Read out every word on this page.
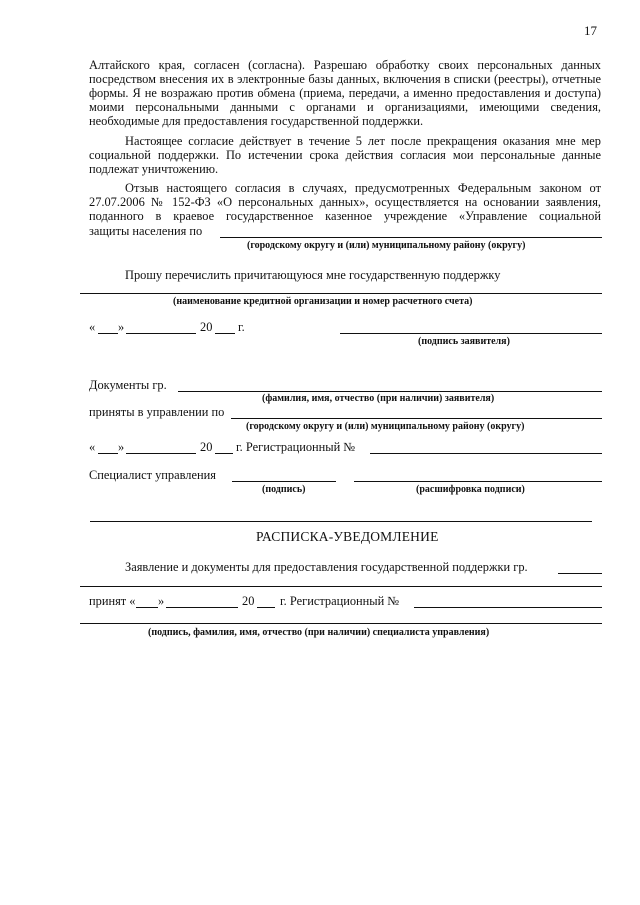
17
Алтайского края, согласен (согласна). Разрешаю обработку своих персональных данных посредством внесения их в электронные базы данных, включения в списки (реестры), отчетные формы. Я не возражаю против обмена (приема, передачи, а именно предоставления и доступа) моими персональными данными с органами и организациями, имеющими сведения, необходимые для предоставления государственной поддержки.
Настоящее согласие действует в течение 5 лет после прекращения оказания мне мер социальной поддержки. По истечении срока действия согласия мои персональные данные подлежат уничтожению.
Отзыв настоящего согласия в случаях, предусмотренных Федеральным законом от 27.07.2006 № 152-ФЗ «О персональных данных», осуществляется на основании заявления, поданного в краевое государственное казенное учреждение «Управление социальной
защиты населения по
(городскому округу и (или) муниципальному району (округу)
Прошу перечислить причитающуюся мне государственную поддержку
(наименование кредитной организации и номер расчетного счета)
« »	20 г.
(подпись заявителя)
Документы гр.
(фамилия, имя, отчество (при наличии) заявителя)
приняты в управлении по
(городскому округу и (или) муниципальному району (округу)
« »	20 г. Регистрационный №
Специалист управления
(подпись)	(расшифровка подписи)
РАСПИСКА-УВЕДОМЛЕНИЕ
Заявление и документы для предоставления государственной поддержки гр.
принят « »	20 г. Регистрационный №
(подпись, фамилия, имя, отчество (при наличии) специалиста управления)
